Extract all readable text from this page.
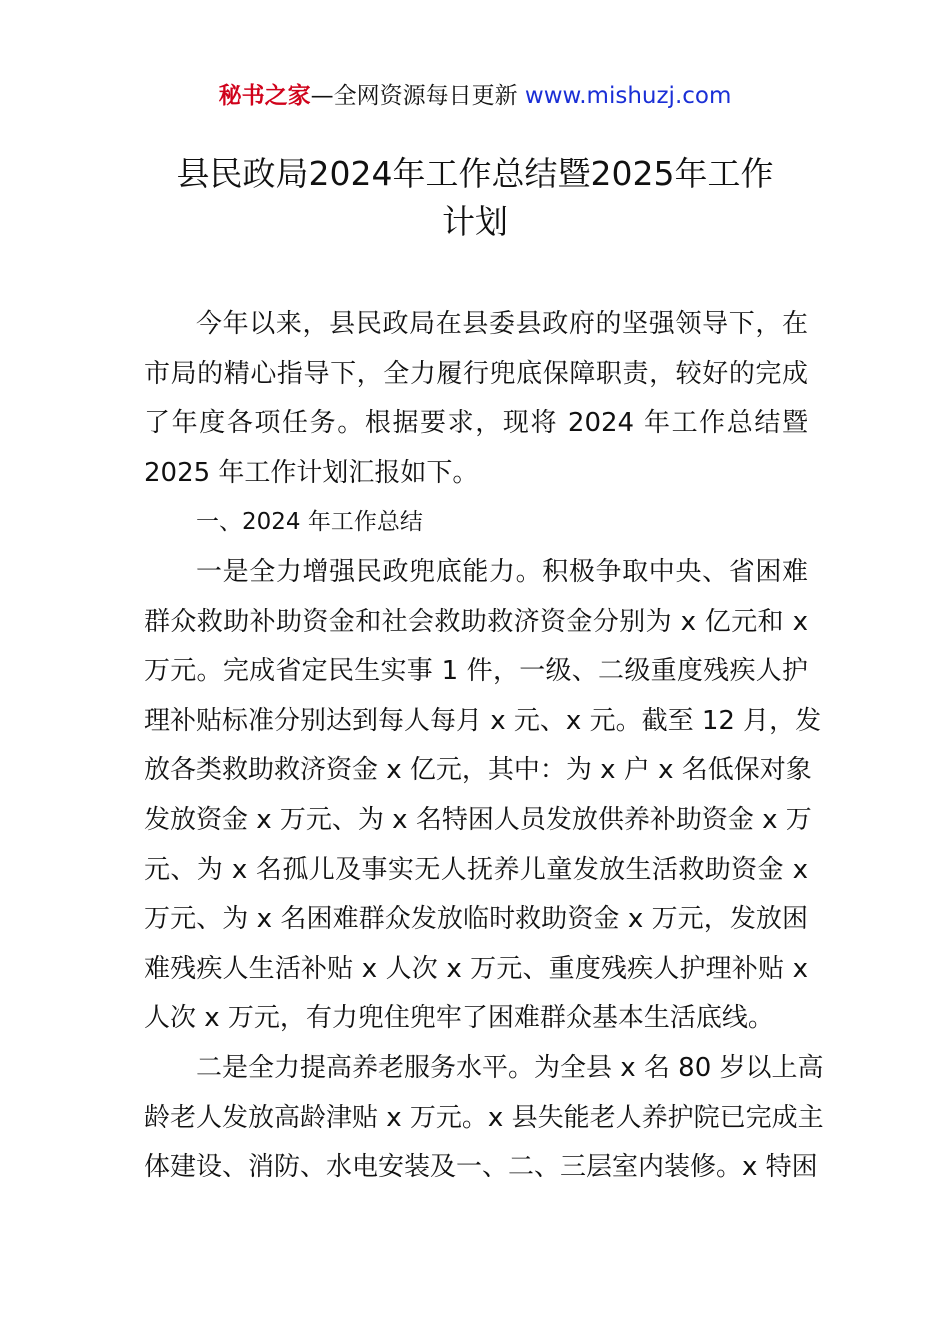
秘书之家—全网资源每日更新 www.mishuzj.com
县民政局2024年工作总结暨2025年工作
计划

今年以来，县民政局在县委县政府的坚强领导下，在
市局的精心指导下，全力履行兜底保障职责，较好的完成
了年度各项任务。根据要求，现将 2024 年工作总结暨
2025 年工作计划汇报如下。

一、2024 年工作总结

一是全力增强民政兜底能力。积极争取中央、省困难
群众救助补助资金和社会救助救济资金分别为 x 亿元和 x
万元。完成省定民生实事 1 件，一级、二级重度残疾人护
理补贴标准分别达到每人每月 x 元、x 元。截至 12 月，发
放各类救助救济资金 x 亿元，其中：为 x 户 x 名低保对象
发放资金 x 万元、为 x 名特困人员发放供养补助资金 x 万
元、为 x 名孤儿及事实无人抚养儿童发放生活救助资金 x
万元、为 x 名困难群众发放临时救助资金 x 万元，发放困
难残疾人生活补贴 x 人次 x 万元、重度残疾人护理补贴 x
人次 x 万元，有力兜住兜牢了困难群众基本生活底线。

二是全力提高养老服务水平。为全县 x 名 80 岁以上高
龄老人发放高龄津贴 x 万元。x 县失能老人养护院已完成主
体建设、消防、水电安装及一、二、三层室内装修。x 特困
